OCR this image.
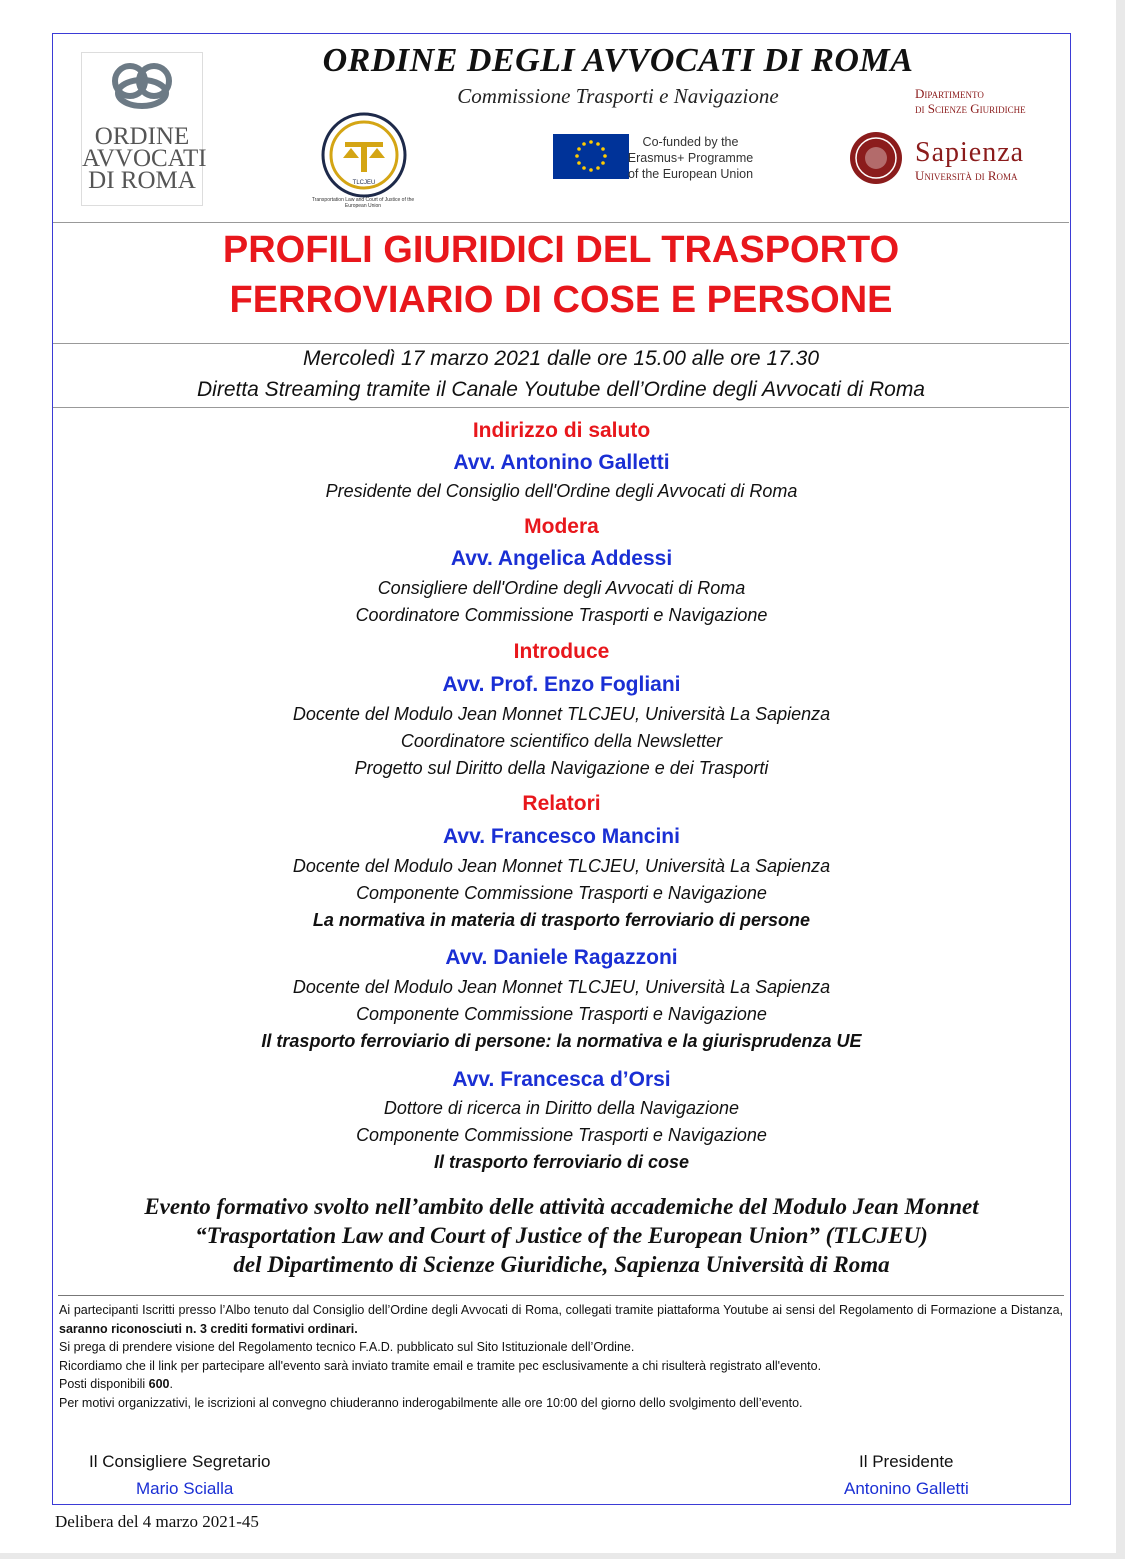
ORDINE DEGLI AVVOCATI DI ROMA
Commissione Trasporti e Navigazione
ORDINE
AVVOCATI
DI ROMA	TLCJEU
Transportation Law and Court of Justice of the European Union
Co-funded by the
Erasmus+ Programme
of the European Union
Dipartimento
di Scienze Giuridiche
Sapienza
Università di Roma
PROFILI GIURIDICI DEL TRASPORTO
FERROVIARIO DI COSE E PERSONE
Mercoledì 17 marzo 2021 dalle ore 15.00 alle ore 17.30
Diretta Streaming tramite il Canale Youtube dell’Ordine degli Avvocati di Roma
Indirizzo di saluto
Avv. Antonino Galletti
Presidente del Consiglio dell'Ordine degli Avvocati di Roma
Modera
Avv. Angelica Addessi
Consigliere dell'Ordine degli Avvocati di Roma
Coordinatore Commissione Trasporti e Navigazione
Introduce
Avv. Prof. Enzo Fogliani
Docente del Modulo Jean Monnet TLCJEU, Università La Sapienza
Coordinatore scientifico della Newsletter
Progetto sul Diritto della Navigazione e dei Trasporti
Relatori
Avv. Francesco Mancini
Docente del Modulo Jean Monnet TLCJEU, Università La Sapienza
Componente Commissione Trasporti e Navigazione
La normativa in materia di trasporto ferroviario di persone
Avv. Daniele Ragazzoni
Docente del Modulo Jean Monnet TLCJEU, Università La Sapienza
Componente Commissione Trasporti e Navigazione
Il trasporto ferroviario di persone: la normativa e la giurisprudenza UE
Avv. Francesca d’Orsi
Dottore di ricerca in Diritto della Navigazione
Componente Commissione Trasporti e Navigazione
Il trasporto ferroviario di cose
Evento formativo svolto nell’ambito delle attività accademiche del Modulo Jean Monnet
“Trasportation Law and Court of Justice of the European Union” (TLCJEU)
del Dipartimento di Scienze Giuridiche, Sapienza Università di Roma

Ai partecipanti Iscritti presso l’Albo tenuto dal Consiglio dell’Ordine degli Avvocati di Roma, collegati tramite piattaforma Youtube ai sensi del Regolamento di Formazione a Distanza, saranno riconosciuti n. 3 crediti formativi ordinari.

Si prega di prendere visione del Regolamento tecnico F.A.D. pubblicato sul Sito Istituzionale dell’Ordine.

Ricordiamo che il link per partecipare all'evento sarà inviato tramite email e tramite pec esclusivamente a chi risulterà registrato all'evento.

Posti disponibili 600.

Per motivi organizzativi, le iscrizioni al convegno chiuderanno inderogabilmente alle ore 10:00 del giorno dello svolgimento dell’evento.

Il Consigliere Segretario
Mario Scialla
Il Presidente
Antonino Galletti
Delibera del 4 marzo 2021-45
